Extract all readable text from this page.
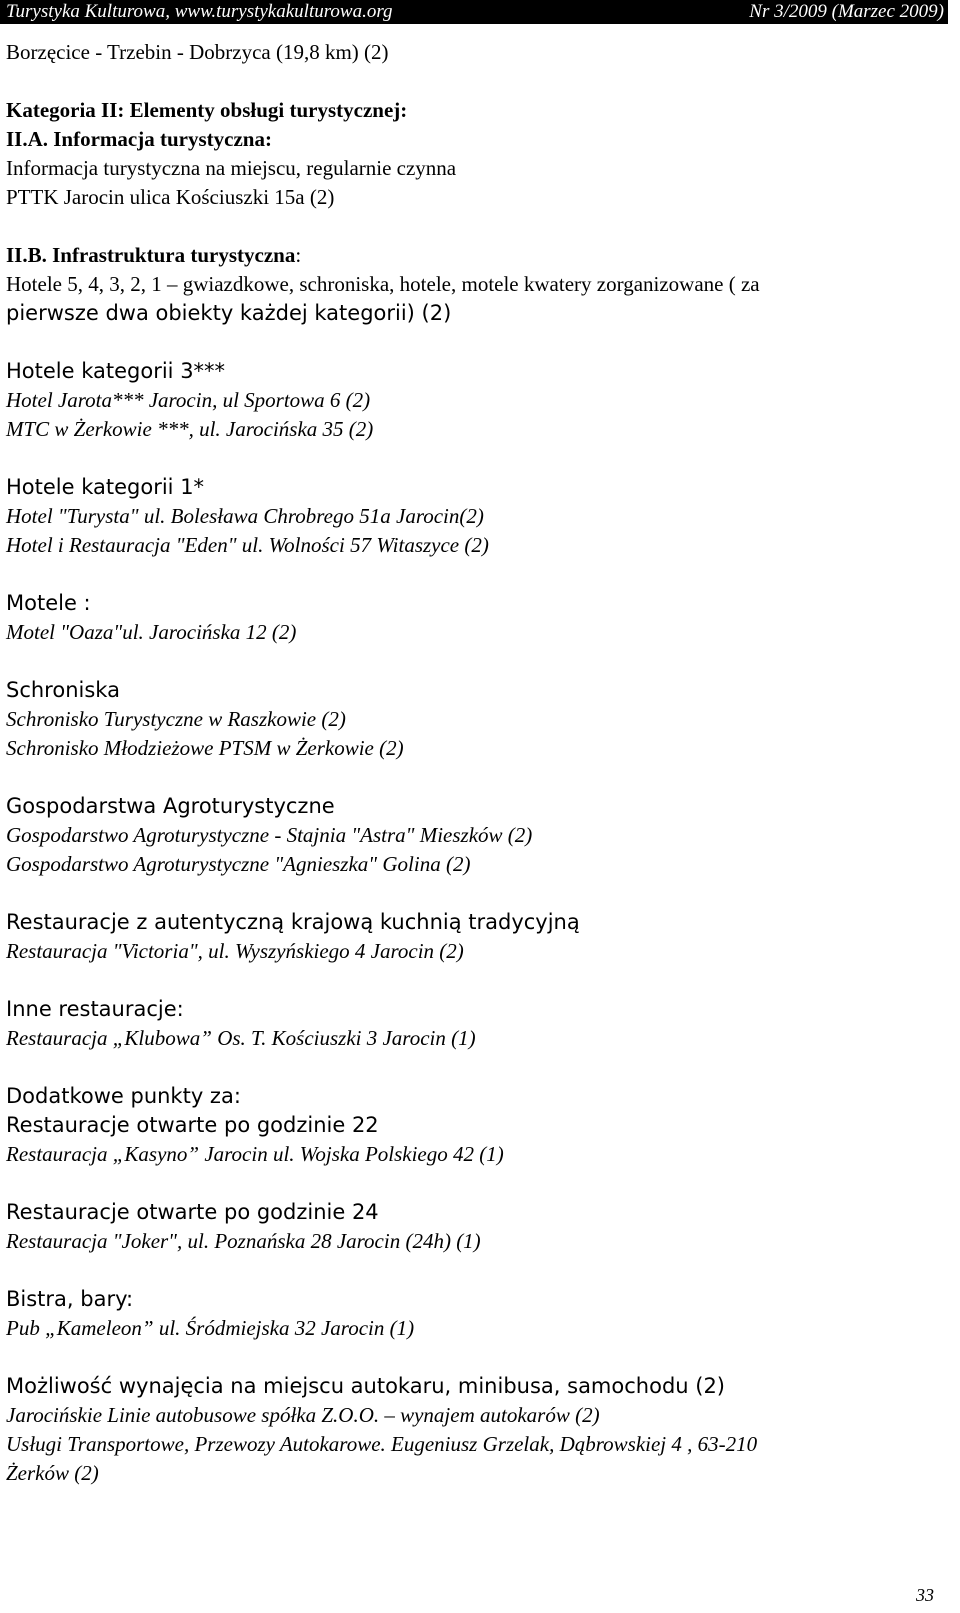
Turystyka Kulturowa, www.turystykakulturowa.org	Nr 3/2009 (Marzec 2009)

Borzęcice - Trzebin - Dobrzyca (19,8 km) (2)

Kategoria II: Elementy obsługi turystycznej:

II.A. Informacja turystyczna:

Informacja turystyczna na miejscu, regularnie czynna

PTTK Jarocin ulica Kościuszki 15a (2)

II.B. Infrastruktura turystyczna:

Hotele 5, 4, 3, 2, 1 – gwiazdkowe, schroniska, hotele, motele kwatery zorganizowane ( za

pierwsze dwa obiekty każdej kategorii) (2)

Hotele kategorii 3***

Hotel Jarota*** Jarocin, ul Sportowa 6 (2)

MTC w Żerkowie ***, ul. Jarocińska 35 (2)

Hotele kategorii 1*

Hotel "Turysta" ul. Bolesława Chrobrego 51a Jarocin(2)

Hotel i Restauracja "Eden" ul. Wolności 57 Witaszyce (2)

Motele :

Motel "Oaza"ul. Jarocińska 12 (2)

Schroniska

Schronisko Turystyczne w Raszkowie (2)

Schronisko Młodzieżowe PTSM w Żerkowie (2)

Gospodarstwa Agroturystyczne

Gospodarstwo Agroturystyczne - Stajnia "Astra" Mieszków (2)

Gospodarstwo Agroturystyczne "Agnieszka" Golina (2)

Restauracje z autentyczną krajową kuchnią tradycyjną

Restauracja "Victoria", ul. Wyszyńskiego 4 Jarocin (2)

Inne restauracje:

Restauracja „Klubowa” Os. T. Kościuszki 3 Jarocin (1)

Dodatkowe punkty za:

Restauracje otwarte po godzinie 22

Restauracja „Kasyno” Jarocin ul. Wojska Polskiego 42 (1)

Restauracje otwarte po godzinie 24

Restauracja "Joker", ul. Poznańska 28 Jarocin (24h) (1)

Bistra, bary:

Pub „Kameleon” ul. Śródmiejska 32 Jarocin (1)

Możliwość wynajęcia na miejscu autokaru, minibusa, samochodu (2)

Jarocińskie Linie autobusowe spółka Z.O.O. – wynajem autokarów (2)

Usługi Transportowe, Przewozy Autokarowe. Eugeniusz Grzelak, Dąbrowskiej 4 , 63-210

Żerków (2)

33
